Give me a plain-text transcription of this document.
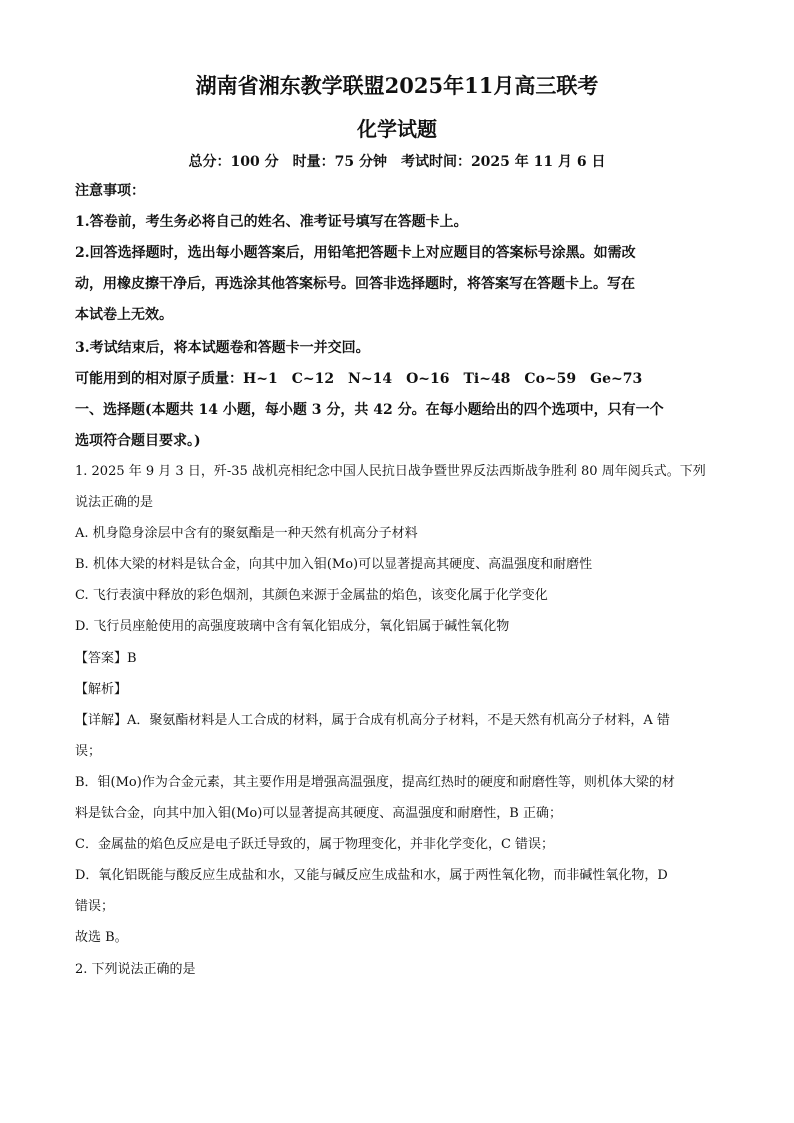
湖南省湘东教学联盟2025年11月高三联考
化学试题
总分：100 分　时量：75 分钟　考试时间：2025 年 11 月 6 日
注意事项：
1.答卷前，考生务必将自己的姓名、准考证号填写在答题卡上。
2.回答选择题时，选出每小题答案后，用铅笔把答题卡上对应题目的答案标号涂黑。如需改
动，用橡皮擦干净后，再选涂其他答案标号。回答非选择题时，将答案写在答题卡上。写在
本试卷上无效。
3.考试结束后，将本试题卷和答题卡一并交回。
可能用到的相对原子质量：H~1　C~12　N~14　O~16　Ti~48　Co~59　Ge~73
一、选择题(本题共 14 小题，每小题 3 分，共 42 分。在每小题给出的四个选项中，只有一个
选项符合题目要求。)
1. 2025 年 9 月 3 日，歼-35 战机亮相纪念中国人民抗日战争暨世界反法西斯战争胜利 80 周年阅兵式。下列
说法正确的是
A. 机身隐身涂层中含有的聚氨酯是一种天然有机高分子材料
B. 机体大梁的材料是钛合金，向其中加入钼(Mo)可以显著提高其硬度、高温强度和耐磨性
C. 飞行表演中释放的彩色烟剂，其颜色来源于金属盐的焰色，该变化属于化学变化
D. 飞行员座舱使用的高强度玻璃中含有氧化铝成分，氧化铝属于碱性氧化物
【答案】B
【解析】
【详解】A．聚氨酯材料是人工合成的材料，属于合成有机高分子材料，不是天然有机高分子材料，A 错
误；
B．钼(Mo)作为合金元素，其主要作用是增强高温强度，提高红热时的硬度和耐磨性等，则机体大梁的材
料是钛合金，向其中加入钼(Mo)可以显著提高其硬度、高温强度和耐磨性，B 正确；
C．金属盐的焰色反应是电子跃迁导致的，属于物理变化，并非化学变化，C 错误；
D．氧化铝既能与酸反应生成盐和水，又能与碱反应生成盐和水，属于两性氧化物，而非碱性氧化物，D
错误；
故选 B。
2. 下列说法正确的是
